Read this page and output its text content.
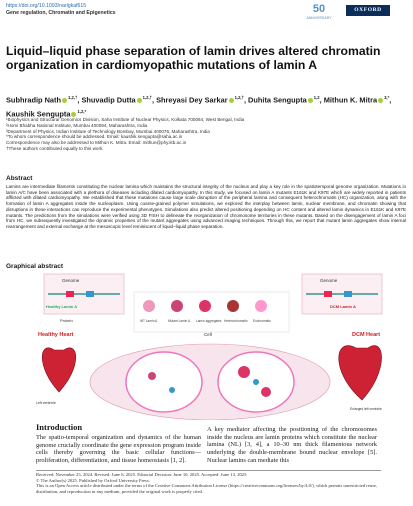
https://doi.org/10.1093/narlgkaf615
Gene regulation, Chromatin and Epigenetics	50
ANNIVERSARY
OXFORD
Liquid–liquid phase separation of lamin drives altered chromatin organization in cardiomyopathic mutations of lamin A
Subhradip Nath $^{1,2,\dagger}$, Shuvadip Dutta $^{1,2,\dagger}$, Shreyasi Dey Sarkar $^{1,2,\dagger}$, Duhita Sengupta $^{1,2}$, Mithun K. Mitra $^{3,*}$, Kaushik Sengupta $^{1,2,*}$
¹Biophysics and Structural Genomics Division, Saha Institute of Nuclear Physics, Kolkata 700064, West Bengal, India
²Homi Bhabha National Institute, Mumbai 400094, Maharashtra, India
³Department of Physics, Indian Institute of Technology Bombay, Mumbai 400076, Maharashtra, India
*To whom correspondence should be addressed. Email: kaushik.sengupta@saha.ac.in
Correspondence may also be addressed to Mithun K. Mitra. Email: mithun@phy.iitb.ac.in
†These authors contributed equally to this work.
Abstract
Lamins are intermediate filaments constituting the nuclear lamina which maintains the structural integrity of the nucleus and play a key role in the spatiotemporal genome organization. Mutations in lamin A/C have been associated with a plethora of diseases including dilated cardiomyopathy. In this study, we focused on lamin A mutants E161K and K97E which are widely reported in patients afflicted with dilated cardiomyopathy. We established that these mutations cause large scale disruption of the peripheral lamina and consequent heterochromatin (HC) organization, along with the formation of lamin A aggregates inside the nucleoplasm. Using coarse-grained polymer simulations, we explored the interplay between lamin, nuclear membrane, and chromatin showing that disruptions in these interactions can reproduce the experimental phenotypes. Simulations also predict altered positioning depending on HC content and altered lamin dynamics in E161K and K97E mutants. The predictions from the simulations were verified using 3D FISH to delineate the reorganization of chromosome territories in these mutants. Based on the disengagement of lamin A foci from HC, we subsequently investigated the dynamic properties of the mutant aggregates using advanced imaging techniques. Through this, we report that mutant lamin aggregates show internal rearrangement and external exchange at the mesoscopic level reminiscent of liquid–liquid phase separation.
Graphical abstract
Genome
Healthy Lamin A
Genome
DCM Lamin A
Protein	WT Lamin A	Mutant Lamin A Lamin aggregates Heterochromatin Euchromatin
Healthy Heart
Left ventricle
Cell	DCM Heart
Enlarged left ventricle
Introduction
The spatio-temporal organization and dynamics of the human genome crucially coordinate the gene expression program inside cells thereby governing the basic cellular functions—proliferation, differentiation, and tissue homeostasis [1, 2].
A key mediator affecting the positioning of the chromosomes inside the nucleus are lamin proteins which constitute the nuclear lamina (NL) [3, 4], a 10–30 nm thick filamentous network underlying the double-membrane bound nuclear envelope [5]. Nuclear lamins can mediate this
Received: November 25, 2024. Revised: June 6, 2025. Editorial Decision: June 10, 2025. Accepted: June 13, 2025
© The Author(s) 2025. Published by Oxford University Press.
This is an Open Access article distributed under the terms of the Creative Commons Attribution License (https://creativecommons.org/licenses/by/4.0/), which permits unrestricted reuse, distribution, and reproduction in any medium, provided the original work is properly cited.
